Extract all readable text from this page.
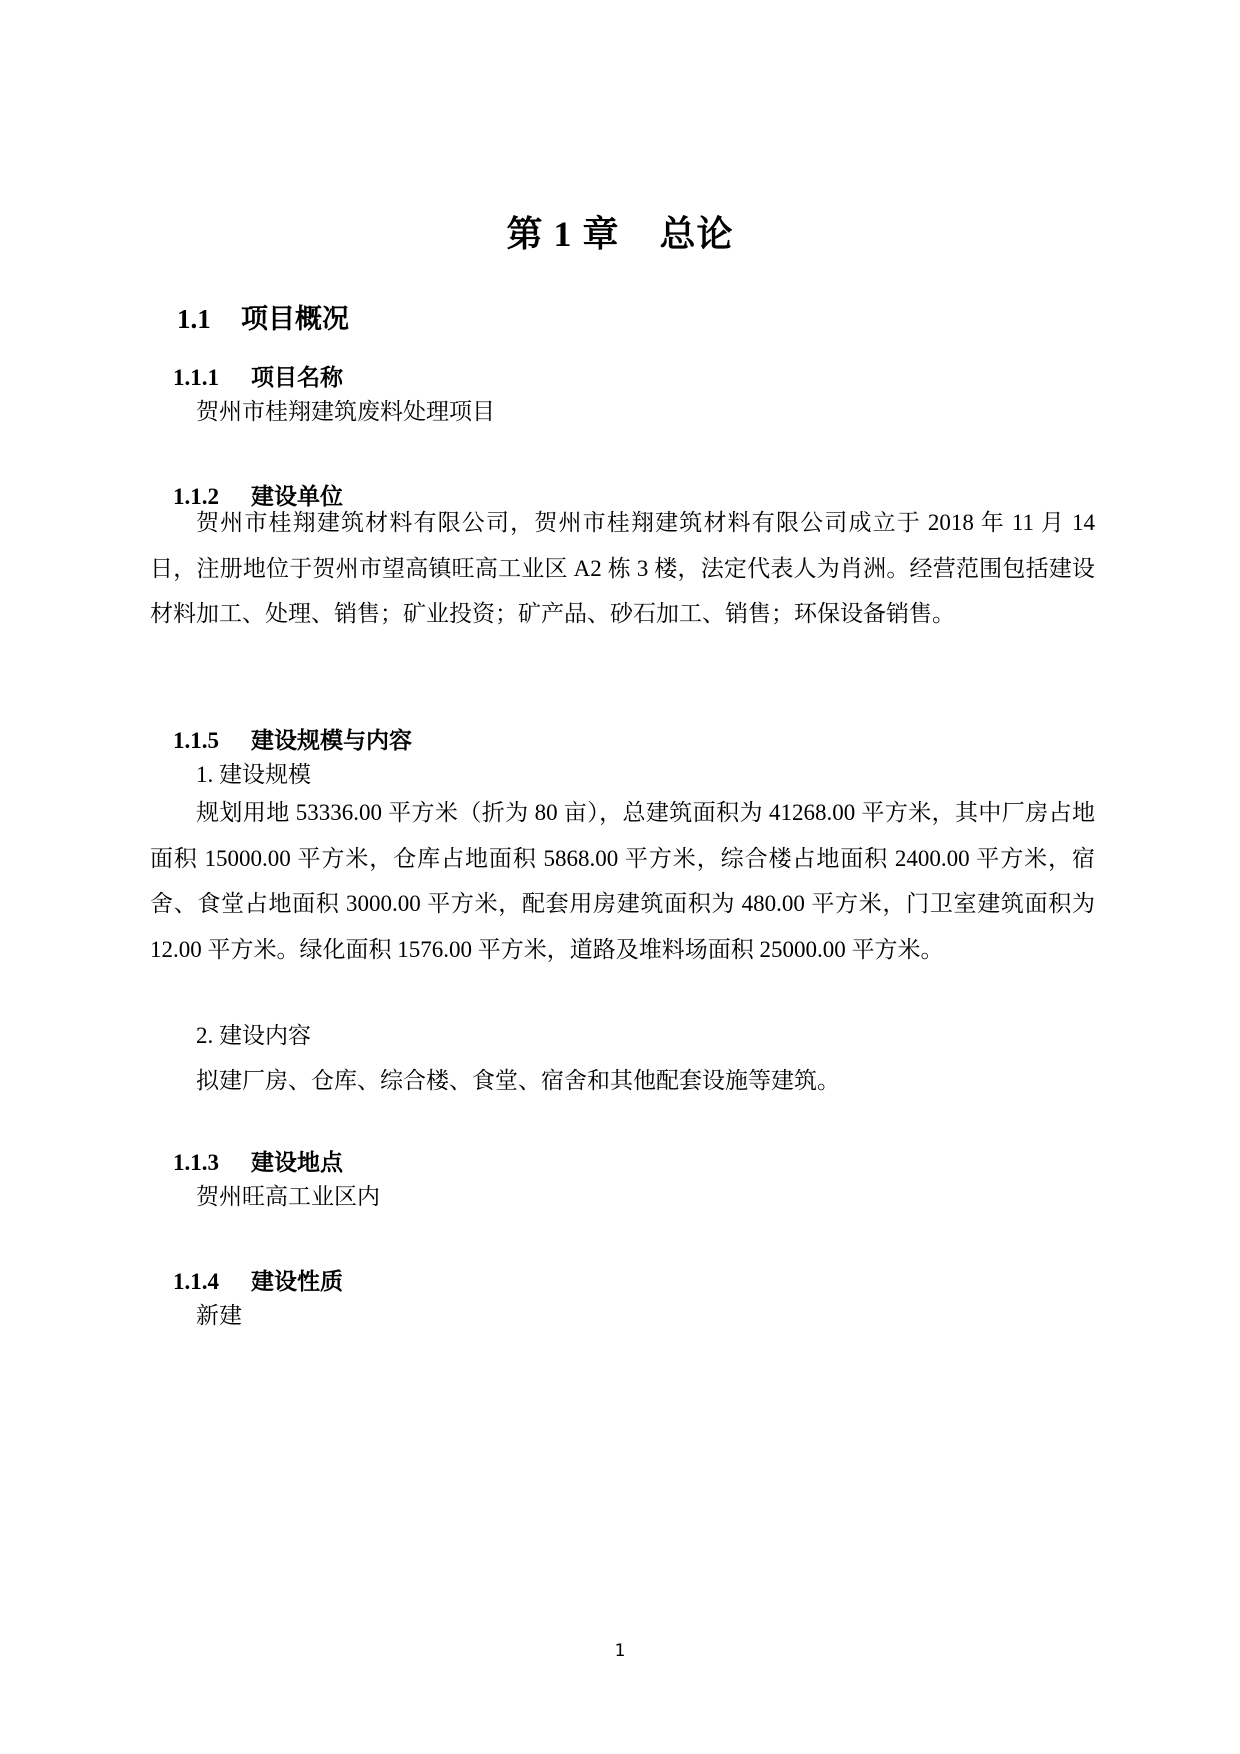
第 1 章    总论

1.1 项目概况

1.1.1 项目名称

贺州市桂翔建筑废料处理项目

1.1.2 建设单位

贺州市桂翔建筑材料有限公司，贺州市桂翔建筑材料有限公司成立于 2018 年 11 月 14 日，注册地位于贺州市望高镇旺高工业区 A2 栋 3 楼，法定代表人为肖洲。经营范围包括建设材料加工、处理、销售；矿业投资；矿产品、砂石加工、销售；环保设备销售。

1.1.5 建设规模与内容

1. 建设规模
规划用地 53336.00 平方米（折为 80 亩），总建筑面积为 41268.00 平方米，其中厂房占地面积 15000.00 平方米，仓库占地面积 5868.00 平方米，综合楼占地面积 2400.00 平方米，宿舍、食堂占地面积 3000.00 平方米，配套用房建筑面积为 480.00 平方米，门卫室建筑面积为 12.00 平方米。绿化面积 1576.00 平方米，道路及堆料场面积 25000.00 平方米。
2. 建设内容
拟建厂房、仓库、综合楼、食堂、宿舍和其他配套设施等建筑。

1.1.3 建设地点

贺州旺高工业区内

1.1.4 建设性质

新建
1
